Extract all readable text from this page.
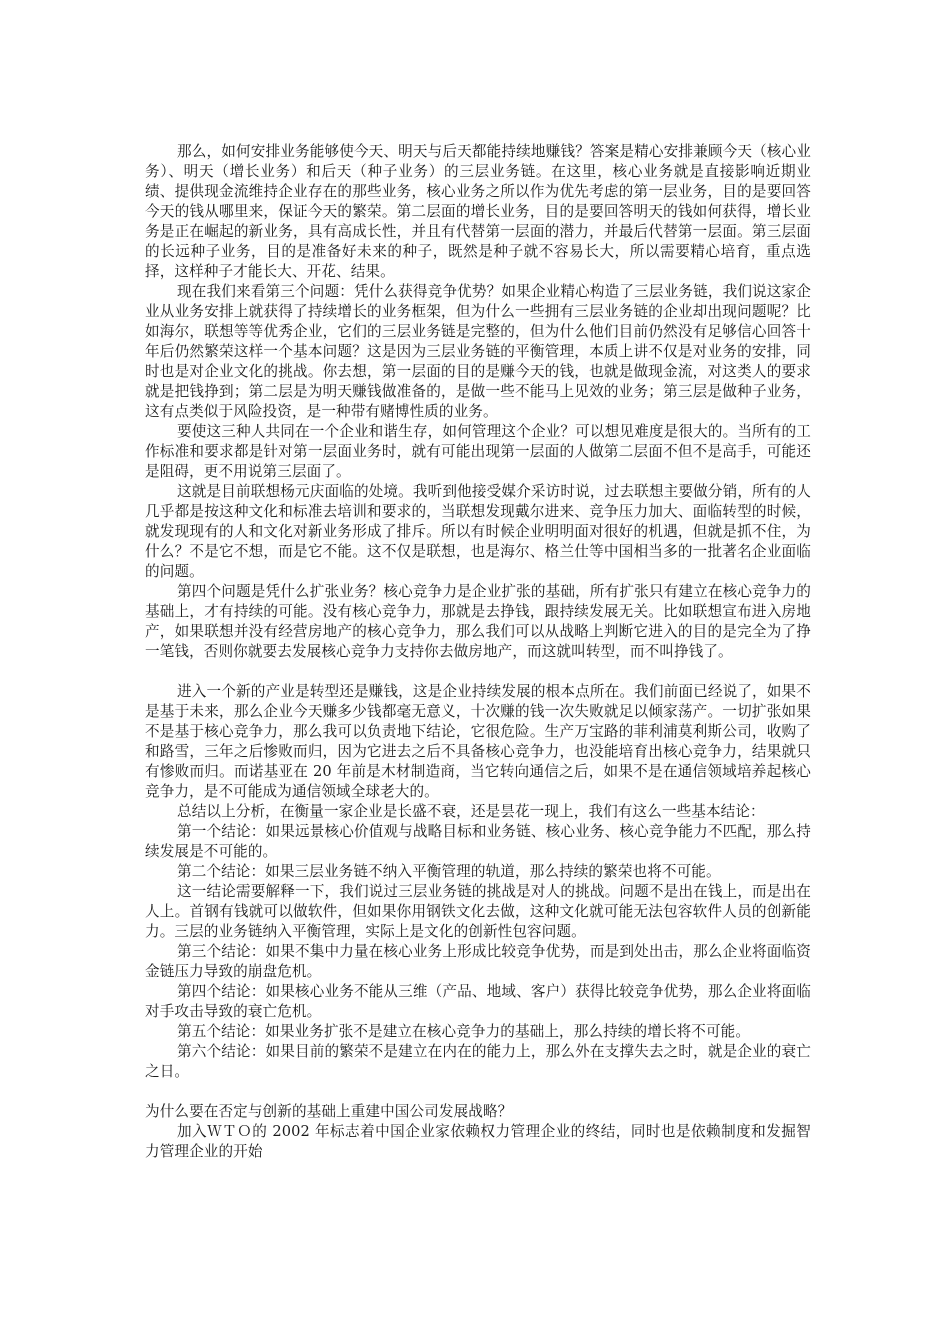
那么，如何安排业务能够使今天、明天与后天都能持续地赚钱？答案是精心安排兼顾今天（核心业务）、明天（增长业务）和后天（种子业务）的三层业务链。在这里，核心业务就是直接影响近期业绩、提供现金流维持企业存在的那些业务，核心业务之所以作为优先考虑的第一层业务，目的是要回答今天的钱从哪里来，保证今天的繁荣。第二层面的增长业务，目的是要回答明天的钱如何获得，增长业务是正在崛起的新业务，具有高成长性，并且有代替第一层面的潜力，并最后代替第一层面。第三层面的长远种子业务，目的是准备好未来的种子，既然是种子就不容易长大，所以需要精心培育，重点选择，这样种子才能长大、开花、结果。

现在我们来看第三个问题：凭什么获得竞争优势？如果企业精心构造了三层业务链，我们说这家企业从业务安排上就获得了持续增长的业务框架，但为什么一些拥有三层业务链的企业却出现问题呢？比如海尔，联想等等优秀企业，它们的三层业务链是完整的，但为什么他们目前仍然没有足够信心回答十年后仍然繁荣这样一个基本问题？这是因为三层业务链的平衡管理，本质上讲不仅是对业务的安排，同时也是对企业文化的挑战。你去想，第一层面的目的是赚今天的钱，也就是做现金流，对这类人的要求就是把钱挣到；第二层是为明天赚钱做准备的，是做一些不能马上见效的业务；第三层是做种子业务，这有点类似于风险投资，是一种带有赌博性质的业务。

要使这三种人共同在一个企业和谐生存，如何管理这个企业？可以想见难度是很大的。当所有的工作标准和要求都是针对第一层面业务时，就有可能出现第一层面的人做第二层面不但不是高手，可能还是阻碍，更不用说第三层面了。

这就是目前联想杨元庆面临的处境。我听到他接受媒介采访时说，过去联想主要做分销，所有的人几乎都是按这种文化和标准去培训和要求的，当联想发现戴尔进来、竞争压力加大、面临转型的时候，就发现现有的人和文化对新业务形成了排斥。所以有时候企业明明面对很好的机遇，但就是抓不住，为什么？不是它不想，而是它不能。这不仅是联想，也是海尔、格兰仕等中国相当多的一批著名企业面临的问题。

第四个问题是凭什么扩张业务？核心竞争力是企业扩张的基础，所有扩张只有建立在核心竞争力的基础上，才有持续的可能。没有核心竞争力，那就是去挣钱，跟持续发展无关。比如联想宣布进入房地产，如果联想并没有经营房地产的核心竞争力，那么我们可以从战略上判断它进入的目的是完全为了挣一笔钱，否则你就要去发展核心竞争力支持你去做房地产，而这就叫转型，而不叫挣钱了。

进入一个新的产业是转型还是赚钱，这是企业持续发展的根本点所在。我们前面已经说了，如果不是基于未来，那么企业今天赚多少钱都毫无意义，十次赚的钱一次失败就足以倾家荡产。一切扩张如果不是基于核心竞争力，那么我可以负责地下结论，它很危险。生产万宝路的菲利浦莫利斯公司，收购了和路雪，三年之后惨败而归，因为它进去之后不具备核心竞争力，也没能培育出核心竞争力，结果就只有惨败而归。而诺基亚在 20 年前是木材制造商，当它转向通信之后，如果不是在通信领域培养起核心竞争力，是不可能成为通信领域全球老大的。

总结以上分析，在衡量一家企业是长盛不衰，还是昙花一现上，我们有这么一些基本结论：

第一个结论：如果远景核心价值观与战略目标和业务链、核心业务、核心竞争能力不匹配，那么持续发展是不可能的。

第二个结论：如果三层业务链不纳入平衡管理的轨道，那么持续的繁荣也将不可能。

这一结论需要解释一下，我们说过三层业务链的挑战是对人的挑战。问题不是出在钱上，而是出在人上。首钢有钱就可以做软件，但如果你用钢铁文化去做，这种文化就可能无法包容软件人员的创新能力。三层的业务链纳入平衡管理，实际上是文化的创新性包容问题。

第三个结论：如果不集中力量在核心业务上形成比较竞争优势，而是到处出击，那么企业将面临资金链压力导致的崩盘危机。

第四个结论：如果核心业务不能从三维（产品、地域、客户）获得比较竞争优势，那么企业将面临对手攻击导致的衰亡危机。

第五个结论：如果业务扩张不是建立在核心竞争力的基础上，那么持续的增长将不可能。

第六个结论：如果目前的繁荣不是建立在内在的能力上，那么外在支撑失去之时，就是企业的衰亡之日。

为什么要在否定与创新的基础上重建中国公司发展战略？

加入ＷＴＯ的 2002 年标志着中国企业家依赖权力管理企业的终结，同时也是依赖制度和发掘智力管理企业的开始
